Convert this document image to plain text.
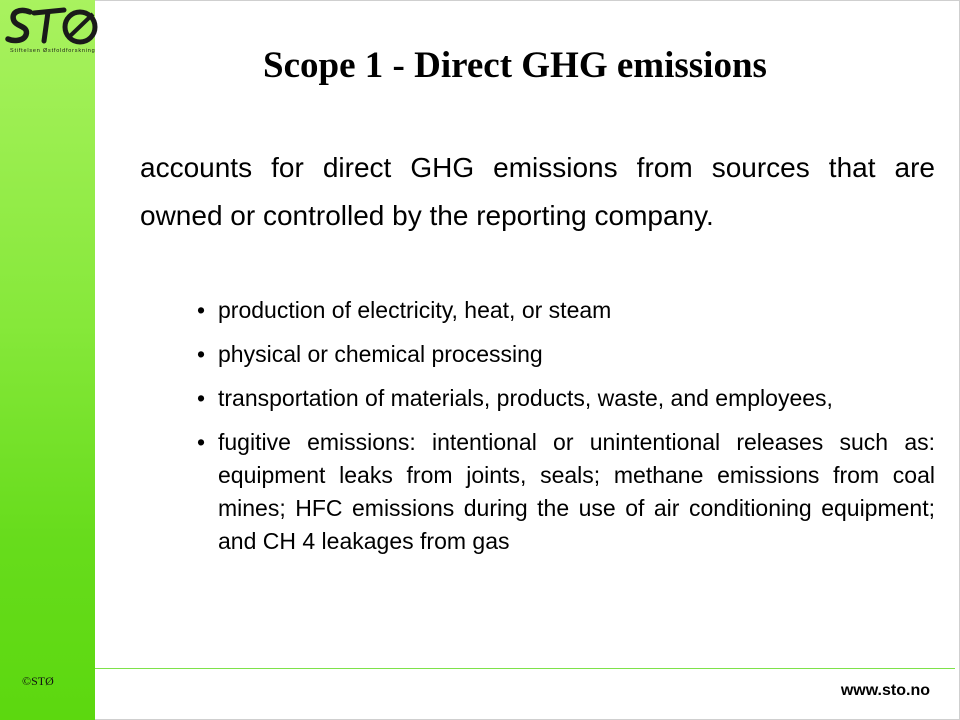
Stiftelsen Østfoldforskning	Scope 1 - Direct GHG emissions
accounts for direct GHG emissions from sources that are owned or controlled by the reporting company.
• production of electricity, heat, or steam
• physical or chemical processing
• transportation of materials, products, waste, and employees,
• fugitive emissions: intentional or unintentional releases such as: equipment leaks from joints, seals; methane emissions from coal mines; HFC emissions during the use of air conditioning equipment; and CH 4 leakages from gas
©STØ
www.sto.no
